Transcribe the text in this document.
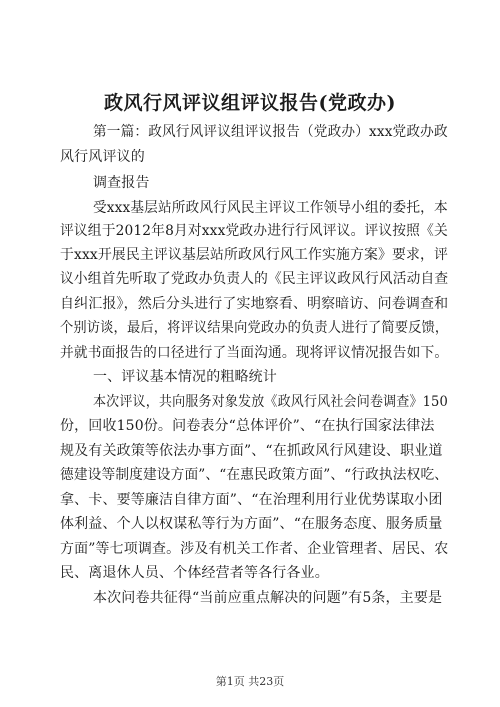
政风行风评议组评议报告(党政办)
第一篇：政风行风评议组评议报告（党政办）xxx党政办政
风行风评议的
调查报告
受xxx基层站所政风行风民主评议工作领导小组的委托，本
评议组于2012年8月对xxx党政办进行行风评议。评议按照《关
于xxx开展民主评议基层站所政风行风工作实施方案》要求，评
议小组首先听取了党政办负责人的《民主评议政风行风活动自查
自纠汇报》，然后分头进行了实地察看、明察暗访、问卷调查和
个别访谈，最后，将评议结果向党政办的负责人进行了简要反馈，
并就书面报告的口径进行了当面沟通。现将评议情况报告如下。
一、评议基本情况的粗略统计
本次评议，共向服务对象发放《政风行风社会问卷调查》150
份，回收150份。问卷表分“总体评价”、“在执行国家法律法
规及有关政策等依法办事方面”、“在抓政风行风建设、职业道
德建设等制度建设方面”、“在惠民政策方面”、“行政执法权吃、
拿、卡、要等廉洁自律方面”、“在治理利用行业优势谋取小团
体利益、个人以权谋私等行为方面”、“在服务态度、服务质量
方面”等七项调查。涉及有机关工作者、企业管理者、居民、农
民、离退休人员、个体经营者等各行各业。
本次问卷共征得“当前应重点解决的问题”有5条，主要是
第1页 共23页
